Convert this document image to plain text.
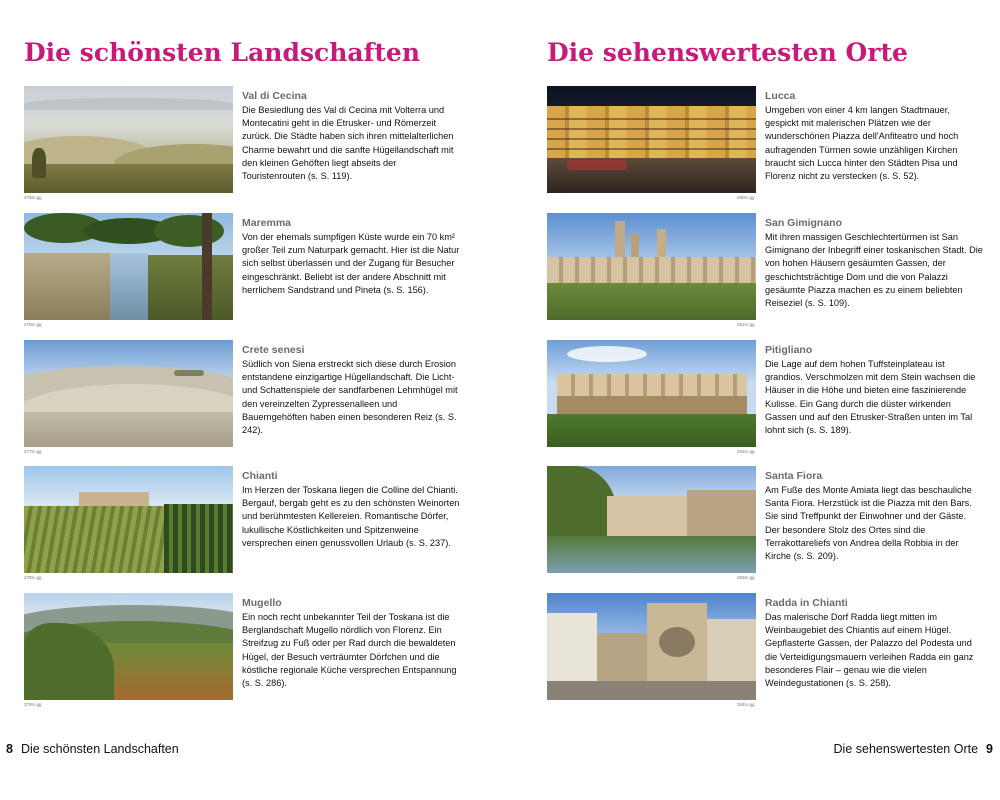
Die schönsten Landschaften
275tc-gg
Val di Cecina

Die Besiedlung des Val di Cecina mit Volterra und Montecatini geht in die Etrusker- und Römerzeit zurück. Die Städte haben sich ihren mittelalterlichen Charme bewahrt und die sanfte Hügellandschaft mit den kleinen Gehöften liegt abseits der Touristenrouten (s. S. 119).

276tc-gg
Maremma

Von der ehemals sumpfigen Küste wurde ein 70 km² großer Teil zum Naturpark gemacht. Hier ist die Natur sich selbst überlassen und der Zugang für Besucher eingeschränkt. Beliebt ist der andere Abschnitt mit herrlichem Sandstrand und Pineta (s. S. 156).

277tc-gg
Crete senesi

Südlich von Siena erstreckt sich diese durch Erosion entstandene einzigartige Hügellandschaft. Die Licht- und Schattenspiele der sandfarbenen Lehmhügel mit den vereinzelten Zypressenalleen und Bauerngehöften haben einen besonderen Reiz (s. S. 242).

278tc-gg
Chianti

Im Herzen der Toskana liegen die Colline del Chianti. Bergauf, bergab geht es zu den schönsten Weinorten und berühmtesten Kellereien. Romantische Dörfer, lukullische Köstlichkeiten und Spitzenweine versprechen einen genussvollen Urlaub (s. S. 237).

279tc-gg
Mugello

Ein noch recht unbekannter Teil der Toskana ist die Berglandschaft Mugello nördlich von Florenz. Ein Streifzug zu Fuß oder per Rad durch die bewaldeten Hügel, der Besuch verträumter Dörfchen und die köstliche regionale Küche versprechen Entspannung (s. S. 286).

Die sehenswertesten Orte
280tc-gg
Lucca

Umgeben von einer 4 km langen Stadtmauer, gespickt mit malerischen Plätzen wie der wunderschönen Piazza dell'Anfiteatro und hoch aufragenden Türmen sowie unzähligen Kirchen braucht sich Lucca hinter den Städten Pisa und Florenz nicht zu verstecken (s. S. 52).

281tc-gg
San Gimignano

Mit ihren massigen Geschlechtertürmen ist San Gimignano der Inbegriff einer toskanischen Stadt. Die von hohen Häusern gesäumten Gassen, der geschichtsträchtige Dom und die von Palazzi gesäumte Piazza machen es zu einem beliebten Reiseziel (s. S. 109).

282tc-gg
Pitigliano

Die Lage auf dem hohen Tuffsteinplateau ist grandios. Verschmolzen mit dem Stein wachsen die Häuser in die Höhe und bieten eine faszinierende Kulisse. Ein Gang durch die düster wirkenden Gassen und auf den Etrusker-Straßen unten im Tal lohnt sich (s. S. 189).

283tc-gg
Santa Fiora

Am Fuße des Monte Amiata liegt das beschauliche Santa Fiora. Herzstück ist die Piazza mit den Bars. Sie sind Treffpunkt der Einwohner und der Gäste. Der besondere Stolz des Ortes sind die Terrakottareliefs von Andrea della Robbia in der Kirche (s. S. 209).

284tc-gg
Radda in Chianti

Das malerische Dorf Radda liegt mitten im Weinbaugebiet des Chiantis auf einem Hügel. Gepflasterte Gassen, der Palazzo del Podesta und die Verteidigungsmauern verleihen Radda ein ganz besonderes Flair – genau wie die vielen Weindegustationen (s. S. 258).

8 Die schönsten Landschaften	Die sehenswertesten Orte 9
